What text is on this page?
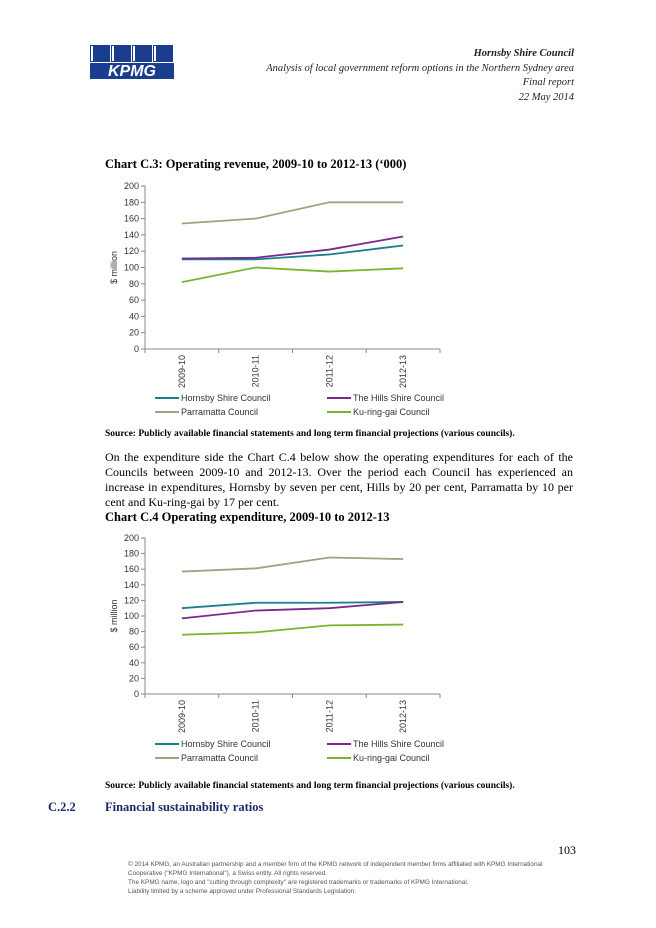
KPMG
Hornsby Shire Council
Analysis of local government reform options in the Northern Sydney area
Final report
22 May 2014
Chart C.3: Operating revenue, 2009-10 to 2012-13 (‘000)
0
20
40
60
80
100
120
140
160
180
200
2009-10	2010-11	2011-12	2012-13
$ million
Hornsby Shire Council	The Hills Shire Council
Parramatta Council	Ku-ring-gai Council
Source: Publicly available financial statements and long term financial projections (various councils).
On the expenditure side the Chart C.4 below show the operating expenditures for each of the Councils between 2009-10 and 2012-13. Over the period each Council has experienced an increase in expenditures, Hornsby by seven per cent, Hills by 20 per cent, Parramatta by 10 per cent and Ku-ring-gai by 17 per cent.
Chart C.4 Operating expenditure, 2009-10 to 2012-13
0
20
40
60
80
100
120
140
160
180
200
2009-10	2010-11	2011-12	2012-13
$ million
Hornsby Shire Council	The Hills Shire Council
Parramatta Council	Ku-ring-gai Council
Source: Publicly available financial statements and long term financial projections (various councils).
C.2.2 Financial sustainability ratios
103

© 2014 KPMG, an Australian partnership and a member firm of the KPMG network of independent member firms affiliated with KPMG International Cooperative ("KPMG International"), a Swiss entity. All rights reserved.

The KPMG name, logo and "cutting through complexity" are registered trademarks or trademarks of KPMG International.

Liability limited by a scheme approved under Professional Standards Legislation.
